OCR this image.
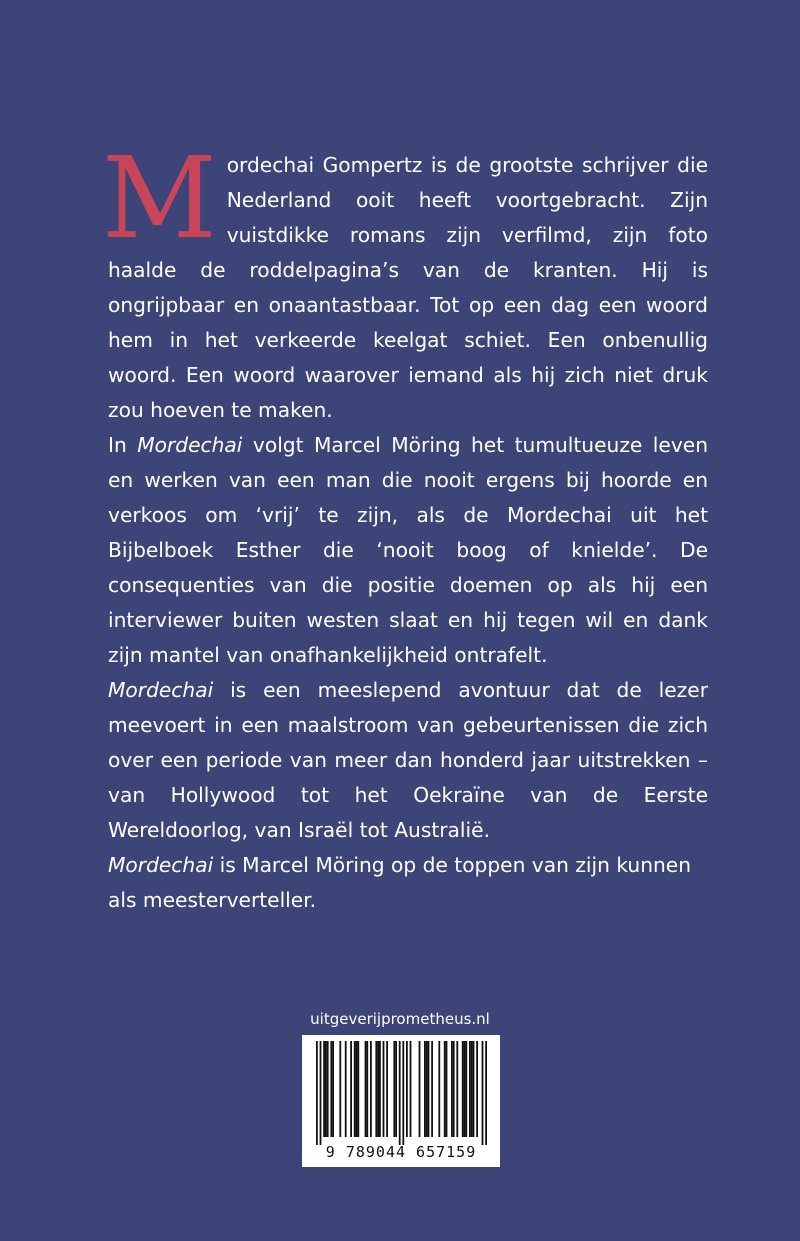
Mordechai Gompertz is de grootste schrijver die Nederland ooit heeft voortgebracht. Zijn vuistdikke romans zijn verfilmd, zijn foto haalde de roddelpagina’s van de kranten. Hij is ongrijpbaar en onaantastbaar. Tot op een dag een woord hem in het verkeerde keelgat schiet. Een onbenullig woord. Een woord waarover iemand als hij zich niet druk zou hoeven te maken.

In Mordechai volgt Marcel Möring het tumultueuze leven en werken van een man die nooit ergens bij hoorde en verkoos om ‘vrij’ te zijn, als de Mordechai uit het Bijbelboek Esther die ‘nooit boog of knielde’. De consequenties van die positie doemen op als hij een interviewer buiten westen slaat en hij tegen wil en dank zijn mantel van onafhankelijkheid ontrafelt.

Mordechai is een meeslepend avontuur dat de lezer meevoert in een maalstroom van gebeurtenissen die zich over een periode van meer dan honderd jaar uitstrekken – van Hollywood tot het Oekraïne van de Eerste Wereldoorlog, van Israël tot Australië.

Mordechai is Marcel Möring op de toppen van zijn kunnen als meesterverteller.

uitgeverijprometheus.nl
9 789044 657159
